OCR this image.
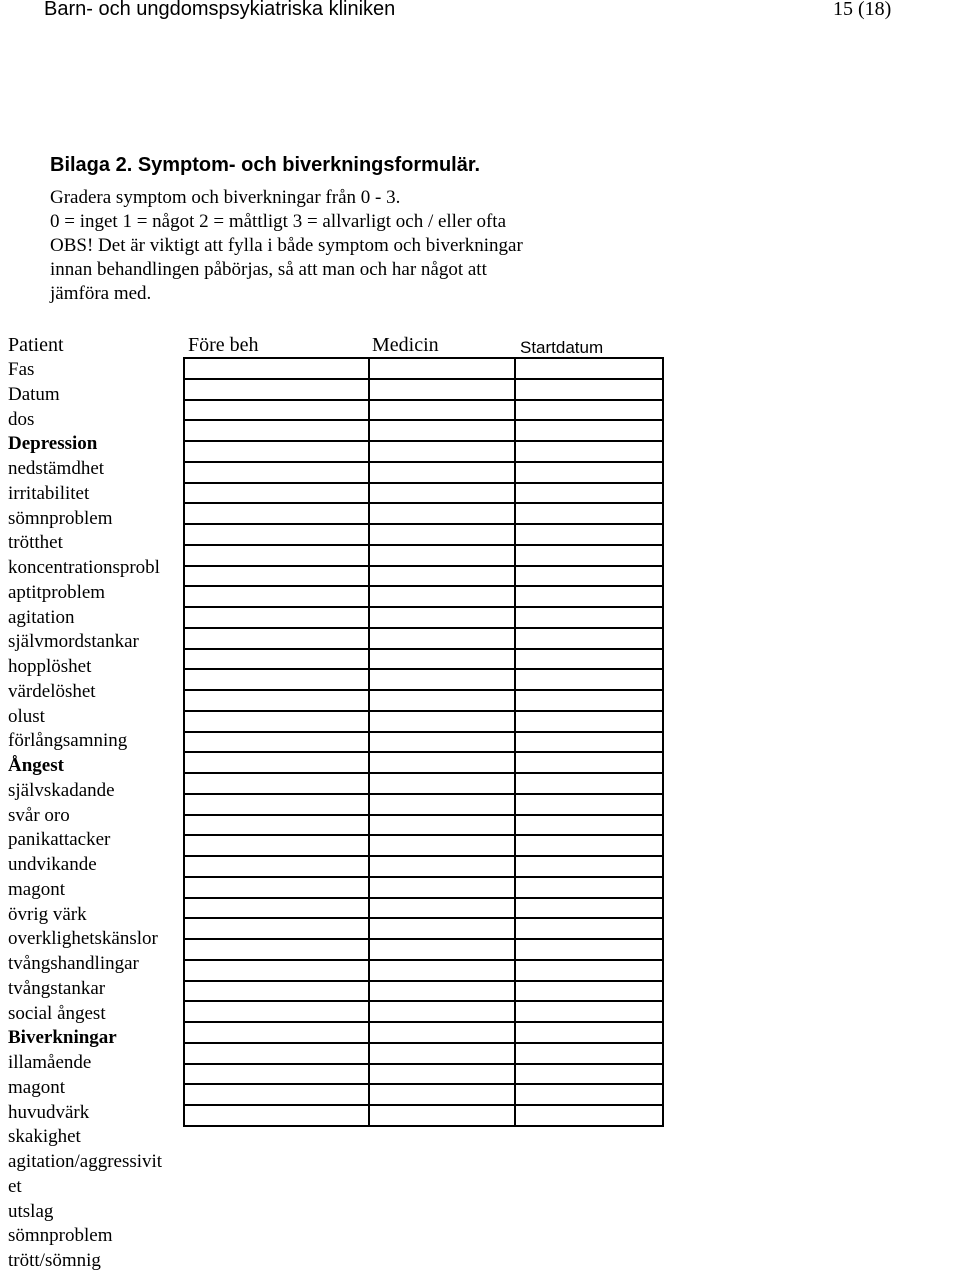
Barn- och ungdomspsykiatriska kliniken	15 (18)
Bilaga 2. Symptom- och biverkningsformulär.
Gradera symptom och biverkningar från 0 - 3.
0 = inget 1 = något 2 = måttligt 3 = allvarligt och / eller ofta
OBS! Det är viktigt att fylla i både symptom och biverkningar
innan behandlingen påbörjas, så att man och har något att
jämföra med.
Patient	Före beh	Medicin	Startdatum

Fas
Datum
dos
Depression
nedstämdhet
irritabilitet
sömnproblem
trötthet
koncentrationsprobl
aptitproblem
agitation
självmordstankar
hopplöshet
värdelöshet
olust
förlångsamning
Ångest
självskadande
svår oro
panikattacker
undvikande
magont
övrig värk
overklighetskänslor
tvångshandlingar
tvångstankar
social ångest
Biverkningar
illamående
magont
huvudvärk
skakighet
agitation/aggressivit
et
utslag
sömnproblem
trött/sömnig
